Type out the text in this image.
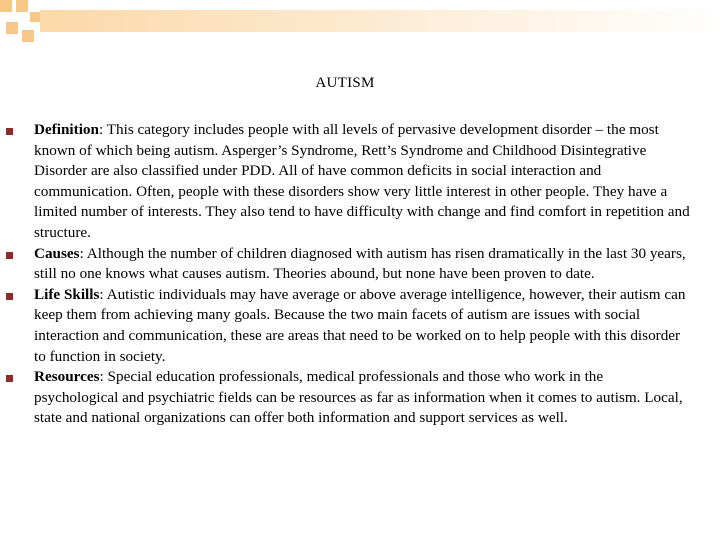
AUTISM
Definition: This category includes people with all levels of pervasive development disorder – the most known of which being autism. Asperger’s Syndrome, Rett’s Syndrome and Childhood Disintegrative Disorder are also classified under PDD. All of have common deficits in social interaction and communication. Often, people with these disorders show very little interest in other people. They have a limited number of interests. They also tend to have difficulty with change and find comfort in repetition and structure.
Causes: Although the number of children diagnosed with autism has risen dramatically in the last 30 years, still no one knows what causes autism. Theories abound, but none have been proven to date.
Life Skills: Autistic individuals may have average or above average intelligence, however, their autism can keep them from achieving many goals. Because the two main facets of autism are issues with social interaction and communication, these are areas that need to be worked on to help people with this disorder to function in society.
Resources: Special education professionals, medical professionals and those who work in the psychological and psychiatric fields can be resources as far as information when it comes to autism. Local, state and national organizations can offer both information and support services as well.
